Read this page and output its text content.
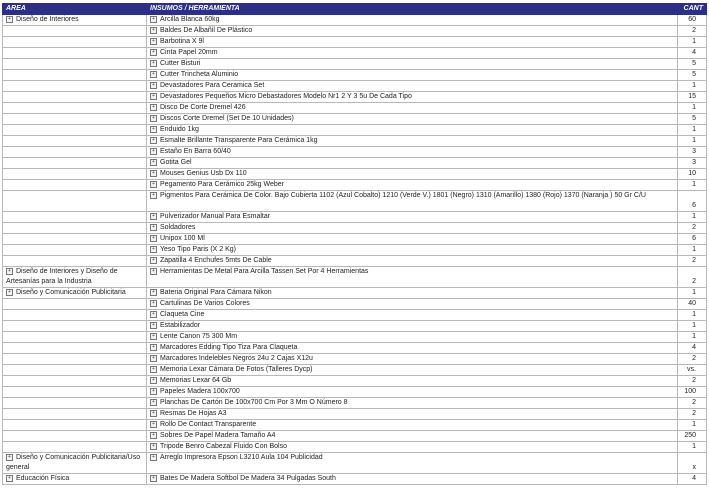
AREA	INSUMOS / HERRAMIENTA	CANT
+ Diseño de Interiores	+ Arcilla Blanca 60kg	60
	+ Baldes De Albañil De Plástico	2
	+ Barbotina X 9l	1
	+ Cinta Papel 20mm	4
	+ Cutter Bisturi	5
	+ Cutter Trincheta Aluminio	5
	+ Devastadores Para Ceramica Set	1
	+ Devastadores Pequeños Micro Debastadores Modelo Nr1 2 Y 3 5u De Cada Tipo	15
	+ Disco De Corte Dremel 426	1
	+ Discos Corte Dremel (Set De 10 Unidades)	5
	+ Enduido 1kg	1
	+ Esmalte Brillante Transparente Para Cerámica 1kg	1
	+ Estaño En Barra 60/40	3
	+ Gotita Gel	3
	+ Mouses Genius Usb Dx 110	10
	+ Pegamento Para Cerámico 25kg Weber	1
	+ Pigmentos Para Cerámica De Color. Bajo Cubierta 1102 (Azul Cobalto) 1210 (Verde V.) 1801 (Negro) 1310 (Amarillo) 1380 (Rojo) 1370 (Naranja ) 50 Gr C/U	6
	+ Pulverizador Manual Para Esmaltar	1
	+ Soldadores	2
	+ Unipox 100 Ml	6
	+ Yeso Tipo Paris (X 2 Kg)	1
	+ Zapatilla 4 Enchufes 5mts De Cable	2
+ Diseño de Interiores y Diseño de Artesanías para la Industria	+ Herramientas De Metal Para Arcilla Tassen Set Por 4 Herramientas	2
+ Diseño y Comunicación Publicitaria	+ Bateria Original Para Cámara Nikon	1
	+ Cartulinas De Varios Colores	40
	+ Claqueta Cine	1
	+ Estabilizador	1
	+ Lente Canon 75 300 Mm	1
	+ Marcadores Edding Tipo Tiza Para Claqueta	4
	+ Marcadores Indelebles Negros 24u 2 Cajas X12u	2
	+ Memoria Lexar Cámara De Fotos (Talleres Dycp)	vs.
	+ Memorias Lexar 64 Gb	2
	+ Papeles Madera 100x700	100
	+ Planchas De Cartón De 100x700 Cm Por 3 Mm O Número 8	2
	+ Resmas De Hojas A3	2
	+ Rollo De Contact Transparente	1
	+ Sobres De Papel Madera Tamaño A4	250
	+ Tripode Benro Cabezal Fluido Con Bolso	1
+ Diseño y Comunicación Publicitaria/Uso general	+ Arreglo Impresora Epson L3210 Aula 104 Publicidad	x
+ Educación Física	+ Bates De Madera Softbol De Madera 34 Pulgadas South	4
